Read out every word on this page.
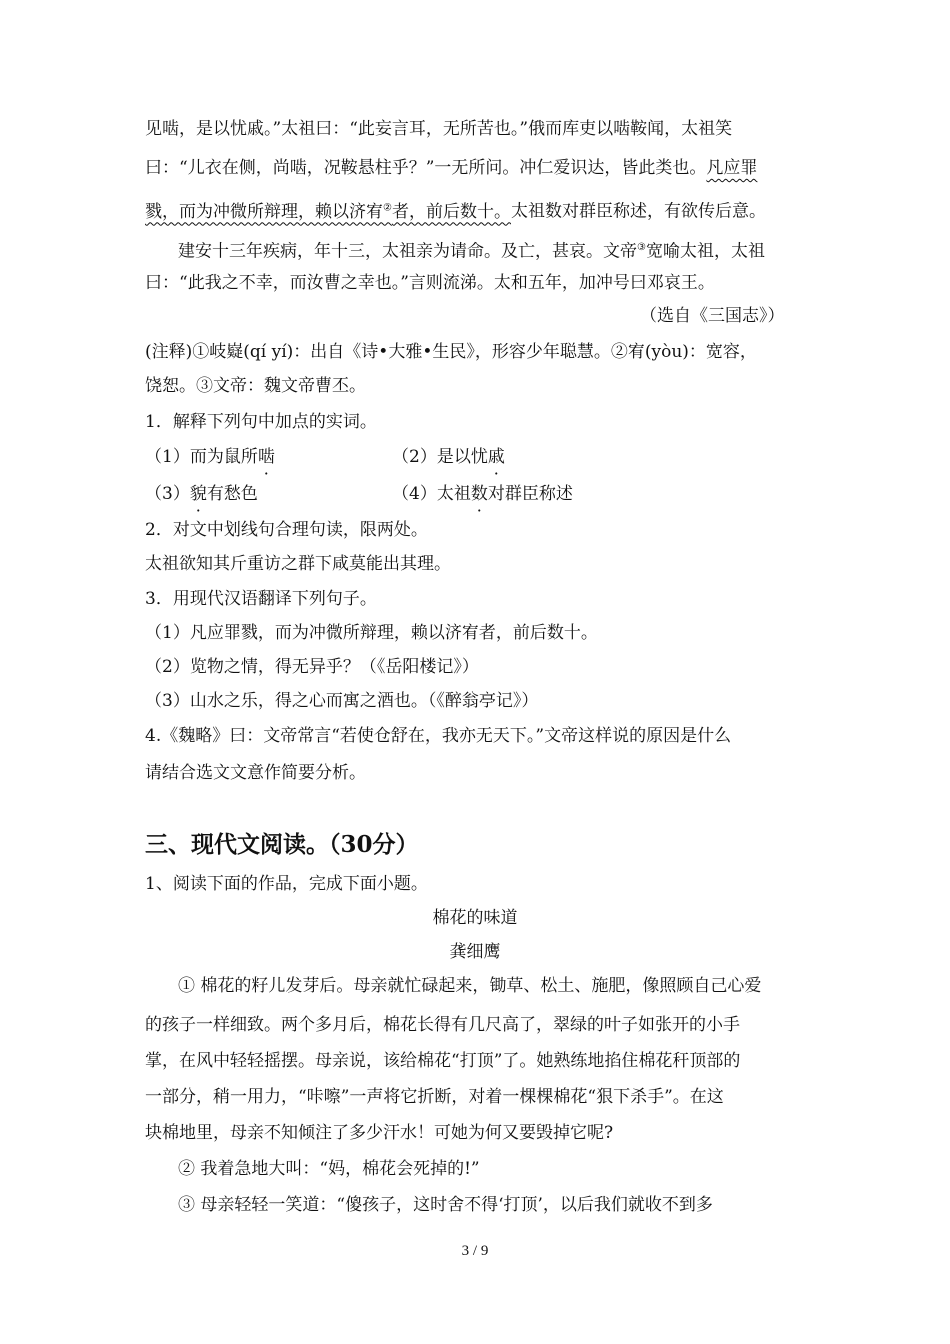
见啮，是以忧戚。”太祖曰：“此妄言耳，无所苦也。”俄而库吏以啮鞍闻，太祖笑
曰：“儿衣在侧，尚啮，况鞍悬柱乎？”一无所问。冲仁爱识达，皆此类也。凡应罪
戮，而为冲微所辩理，赖以济宥②者，前后数十。太祖数对群臣称述，有欲传后意。
建安十三年疾病，年十三，太祖亲为请命。及亡，甚哀。文帝③宽喻太祖，太祖
曰：“此我之不幸，而汝曹之幸也。”言则流涕。太和五年，加冲号曰邓哀王。
（选自《三国志》）
(注释)①岐嶷(qí yí)：出自《诗•大雅•生民》，形容少年聪慧。②宥(yòu)：宽容，
饶恕。③文帝：魏文帝曹丕。
1．解释下列句中加点的实词。
（1）而为鼠所啮	（2）是以忧戚
（3）貌有愁色	（4）太祖数对群臣称述
2．对文中划线句合理句读，限两处。
太祖欲知其斤重访之群下咸莫能出其理。
3．用现代汉语翻译下列句子。
（1）凡应罪戮，而为冲微所辩理，赖以济宥者，前后数十。
（2）览物之情，得无异乎？（《岳阳楼记》）
（3）山水之乐，得之心而寓之酒也。（《醉翁亭记》）
4.《魏略》曰：文帝常言“若使仓舒在，我亦无天下。”文帝这样说的原因是什么
请结合选文文意作简要分析。
三、现代文阅读。（30分）
1、阅读下面的作品，完成下面小题。
棉花的味道
龚细鹰
① 棉花的籽儿发芽后。母亲就忙碌起来，锄草、松土、施肥，像照顾自己心爱
的孩子一样细致。两个多月后，棉花长得有几尺高了，翠绿的叶子如张开的小手
掌，在风中轻轻摇摆。母亲说，该给棉花“打顶”了。她熟练地掐住棉花秆顶部的
一部分，稍一用力，“咔嚓”一声将它折断，对着一棵棵棉花“狠下杀手”。在这
块棉地里，母亲不知倾注了多少汗水！可她为何又要毁掉它呢?
② 我着急地大叫：“妈，棉花会死掉的!”
③ 母亲轻轻一笑道：“傻孩子，这时舍不得‘打顶’，以后我们就收不到多
3 / 9
